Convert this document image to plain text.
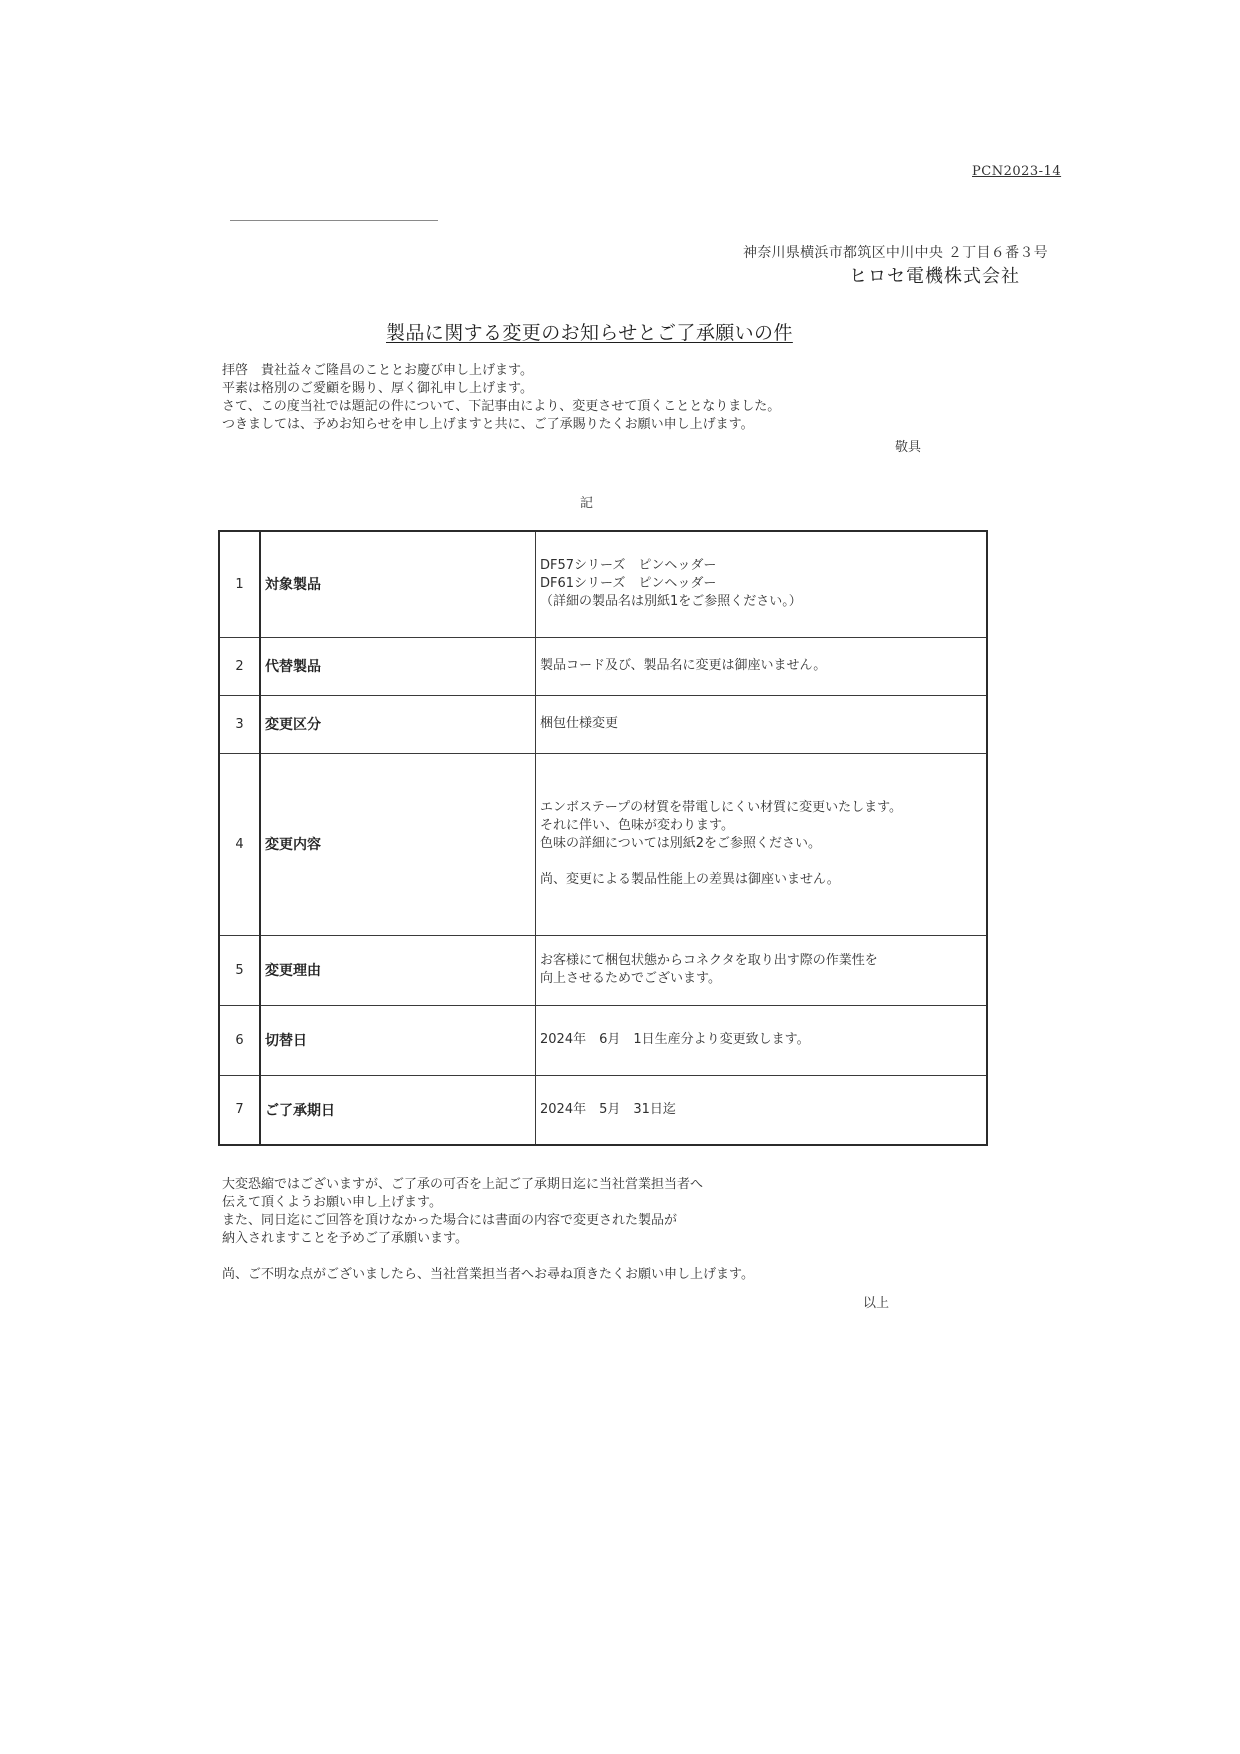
PCN2023-14
神奈川県横浜市都筑区中川中央 ２丁目６番３号
ヒロセ電機株式会社
製品に関する変更のお知らせとご了承願いの件
拝啓　貴社益々ご隆昌のこととお慶び申し上げます。
平素は格別のご愛顧を賜り、厚く御礼申し上げます。
さて、この度当社では題記の件について、下記事由により、変更させて頂くこととなりました。
つきましては、予めお知らせを申し上げますと共に、ご了承賜りたくお願い申し上げます。
敬具
記
1	対象製品	DF57シリーズ　ピンヘッダー
DF61シリーズ　ピンヘッダー
（詳細の製品名は別紙1をご参照ください。）

2	代替製品	製品コード及び、製品名に変更は御座いません。

3	変更区分	梱包仕様変更

4	変更内容	エンボステープの材質を帯電しにくい材質に変更いたします。
それに伴い、色味が変わります。
色味の詳細については別紙2をご参照ください。
尚、変更による製品性能上の差異は御座いません。

5	変更理由	お客様にて梱包状態からコネクタを取り出す際の作業性を
向上させるためでございます。

6	切替日	2024年　6月　1日生産分より変更致します。

7	ご了承期日	2024年　5月　31日迄
大変恐縮ではございますが、ご了承の可否を上記ご了承期日迄に当社営業担当者へ
伝えて頂くようお願い申し上げます。
また、同日迄にご回答を頂けなかった場合には書面の内容で変更された製品が
納入されますことを予めご了承願います。
尚、ご不明な点がございましたら、当社営業担当者へお尋ね頂きたくお願い申し上げます。
以上
